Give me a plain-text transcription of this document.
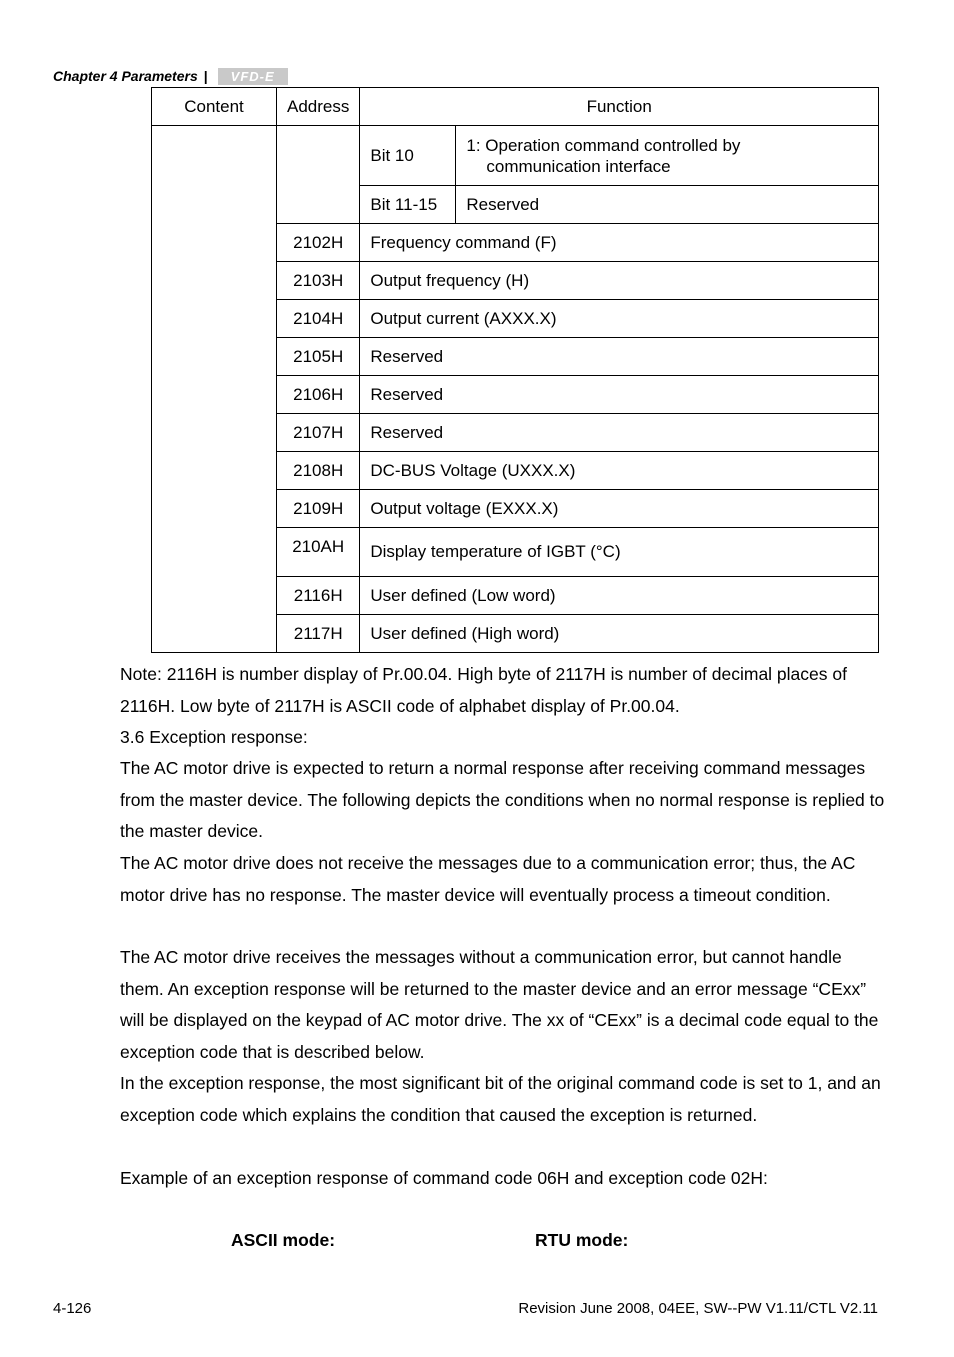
Chapter 4 Parameters |	VFD-E
Content	Address	Function	
		Bit 10	1: Operation command controlled by
communication interface

		Bit 11-15	Reserved
	2102H	Frequency command (F)	
	2103H	Output frequency (H)	
	2104H	Output current (AXXX.X)	
	2105H	Reserved	
	2106H	Reserved	
	2107H	Reserved	
	2108H	DC-BUS Voltage (UXXX.X)	
	2109H	Output voltage (EXXX.X)	
	210AH	Display temperature of IGBT (°C)	
	2116H	User defined (Low word)	
	2117H	User defined (High word)	
Note: 2116H is number display of Pr.00.04. High byte of 2117H is number of decimal places of 2116H. Low byte of 2117H is ASCII code of alphabet display of Pr.00.04.
3.6 Exception response:
The AC motor drive is expected to return a normal response after receiving command messages from the master device. The following depicts the conditions when no normal response is replied to the master device.
The AC motor drive does not receive the messages due to a communication error; thus, the AC motor drive has no response. The master device will eventually process a timeout condition.
The AC motor drive receives the messages without a communication error, but cannot handle them. An exception response will be returned to the master device and an error message “CExx” will be displayed on the keypad of AC motor drive. The xx of “CExx” is a decimal code equal to the exception code that is described below.
In the exception response, the most significant bit of the original command code is set to 1, and an exception code which explains the condition that caused the exception is returned.
Example of an exception response of command code 06H and exception code 02H:
ASCII mode:	RTU mode:
4-126	Revision June 2008, 04EE, SW--PW V1.11/CTL V2.11
